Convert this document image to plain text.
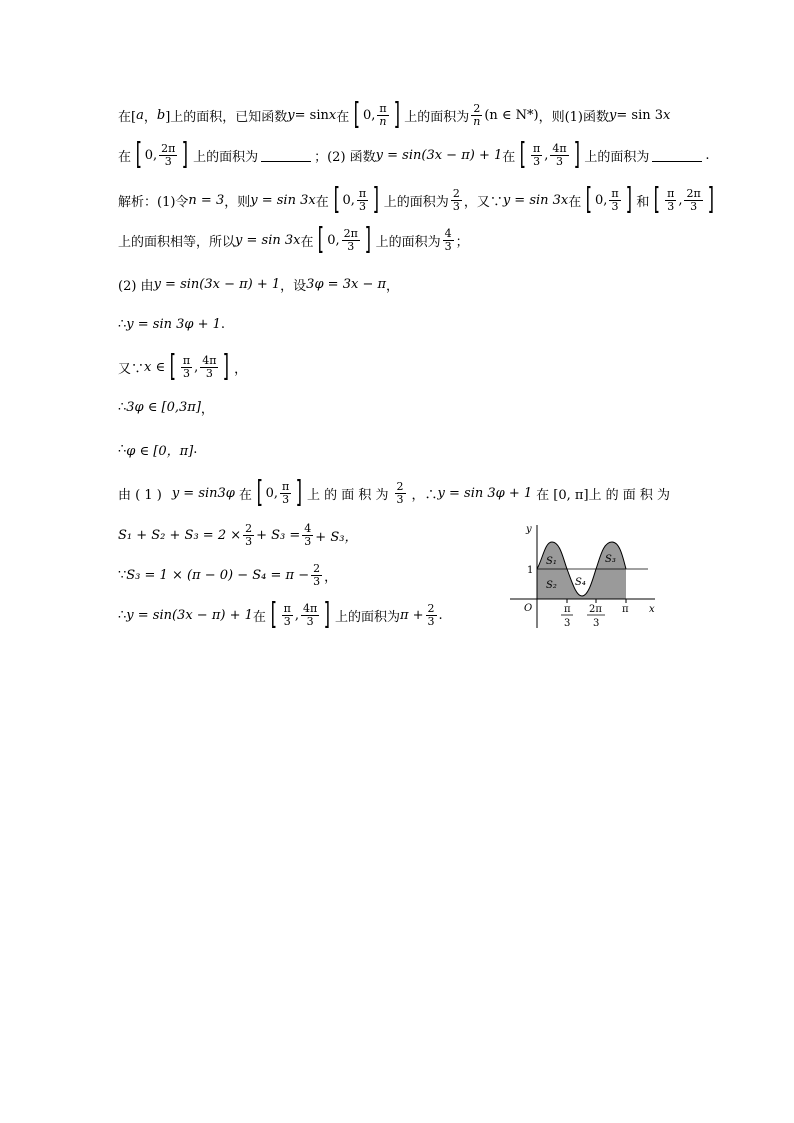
在[ a ， b ]上的面积，已知函数 y = sin x 在 [ 0, $\frac{\pi}{n}$ ] 上的面积为 $\frac{2}{n} (n$ ∈ N*) ，则(1)函数 y = sin 3 x
在 [ 0, $\frac{2\pi}{3}$ ] 上的面积为	；(2) 函数 y = sin(3x − π) + 1 在 [ $\frac{\pi}{3}$ , $\frac{4\pi}{3}$ ] 上的面积为	.
解析：(1)令 n = 3 ，则 y = sin 3x 在 [ 0, $\frac{\pi}{3}$ ] 上的面积为 $\frac{2}{3}$ ，又∵ y = sin 3x 在 [ 0, $\frac{\pi}{3}$ ] 和 [ $\frac{\pi}{3}$ , $\frac{2\pi}{3}$ ]
上的面积相等，所以 y = sin 3x 在 [ 0, $\frac{2\pi}{3}$ ] 上的面积为 $\frac{4}{3}$ ；
(2) 由 y = sin(3x − π) + 1 ，设 3φ = 3x − π ，
∴ y = sin 3φ + 1 .
又∵ x ∈ [ $\frac{\pi}{3}$ , $\frac{4\pi}{3}$ ] ，
∴ 3φ ∈ [0,3π] ，
∴ φ ∈ [0，π] .
由 ( 1 ) y = sin3φ 在 [ 0, $\frac{\pi}{3}$ ] 上 的 面 积 为 $\frac{2}{3}$ ，∴ y = sin 3φ + 1 在 [0, π]上 的 面 积 为
$S_1 + S_2 + S_3 = 2 \times \frac{2}{3} + S_3 = \frac{4}{3} + S_3$，
∵ $S_3 = 1 \times (\pi - 0) - S_4 = \pi - \frac{2}{3}$ ，
∴ y = sin(3x − π) + 1 在 [ $\frac{\pi}{3}$ , $\frac{4\pi}{3}$ ] 上的面积为 $\pi + \frac{2}{3}$ .
y
x
O
1
S₁
S₂
S₃
S₄
π
3
2π
3
π
